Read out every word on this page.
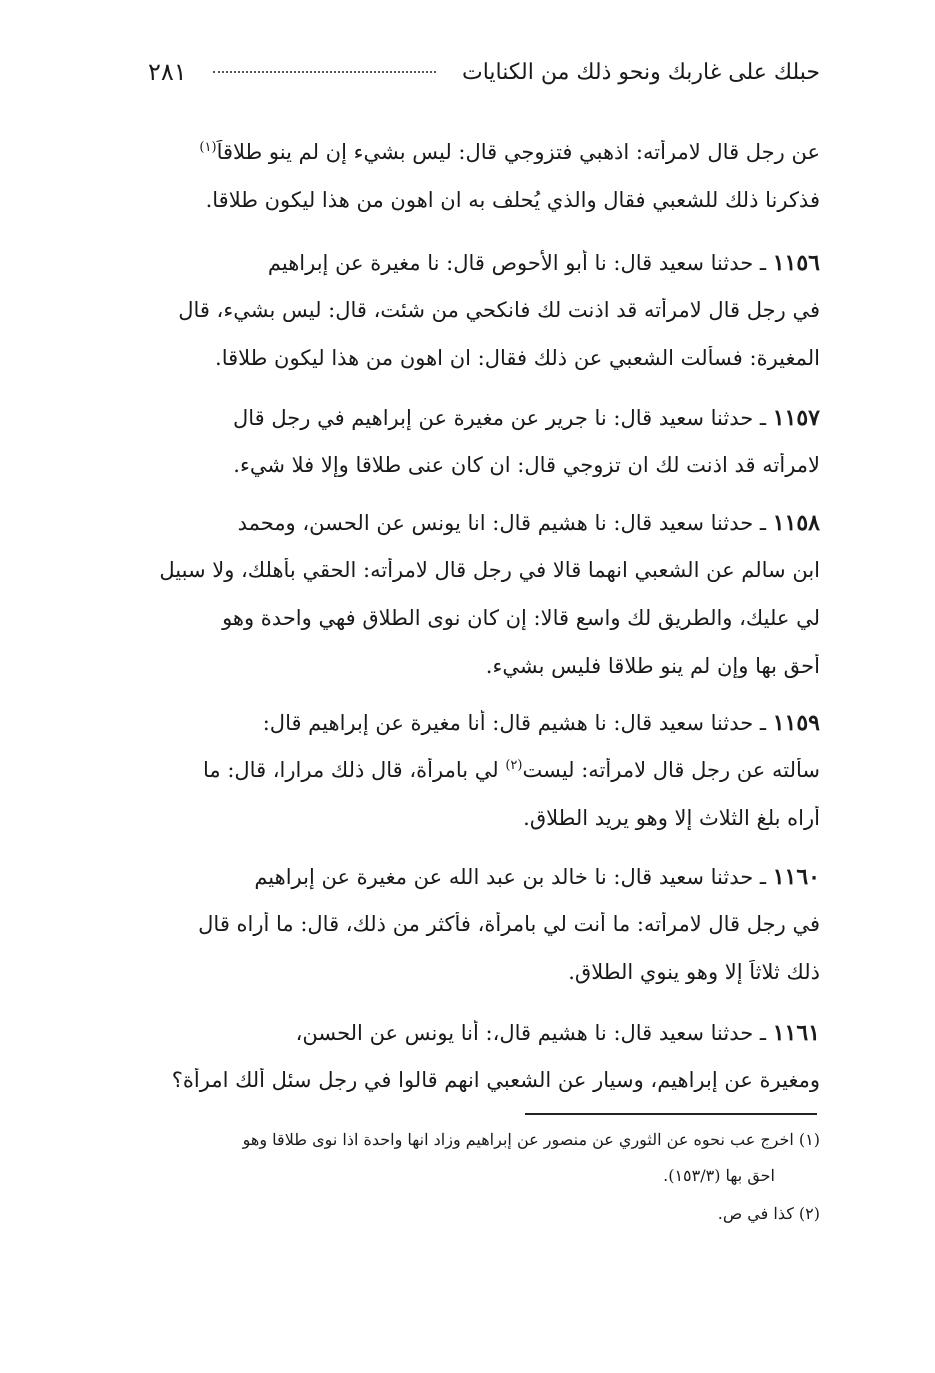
حبلك على غاربك ونحو ذلك من الكنايات
٢٨١
عن رجل قال لامرأته: اذهبي فتزوجي قال: ليس بشيء إن لم ينو طلاقاً$^{(١)}$
فذكرنا ذلك للشعبي فقال والذي يُحلف به ان اهون من هذا ليكون طلاقا.
١١٥٦ ـ حدثنا سعيد قال: نا أبو الأحوص قال: نا مغيرة عن إبراهيم
في رجل قال لامرأته قد اذنت لك فانكحي من شئت، قال: ليس بشيء، قال
المغيرة: فسألت الشعبي عن ذلك فقال: ان اهون من هذا ليكون طلاقا.
١١٥٧ ـ حدثنا سعيد قال: نا جرير عن مغيرة عن إبراهيم في رجل قال
لامرأته قد اذنت لك ان تزوجي قال: ان كان عنى طلاقا وإلا فلا شيء.
١١٥٨ ـ حدثنا سعيد قال: نا هشيم قال: انا يونس عن الحسن، ومحمد
ابن سالم عن الشعبي انهما قالا في رجل قال لامرأته: الحقي بأهلك، ولا سبيل
لي عليك، والطريق لك واسع قالا: إن كان نوى الطلاق فهي واحدة وهو
أحق بها وإن لم ينو طلاقا فليس بشيء.
١١٥٩ ـ حدثنا سعيد قال: نا هشيم قال: أنا مغيرة عن إبراهيم قال:
سألته عن رجل قال لامرأته: ليست$^{(٢)}$ لي بامرأة، قال ذلك مرارا، قال: ما
أراه بلغ الثلاث إلا وهو يريد الطلاق.
١١٦٠ ـ حدثنا سعيد قال: نا خالد بن عبد الله عن مغيرة عن إبراهيم
في رجل قال لامرأته: ما أنت لي بامرأة، فأكثر من ذلك، قال: ما أراه قال
ذلك ثلاثاً إلا وهو ينوي الطلاق.
١١٦١ ـ حدثنا سعيد قال: نا هشيم قال،: أنا يونس عن الحسن،
ومغيرة عن إبراهيم، وسيار عن الشعبي انهم قالوا في رجل سئل ألك امرأة؟
(١) اخرج عب نحوه عن الثوري عن منصور عن إبراهيم وزاد انها واحدة اذا نوى طلاقا وهو
احق بها (١٥٣/٣).
(٢) كذا في ص.
